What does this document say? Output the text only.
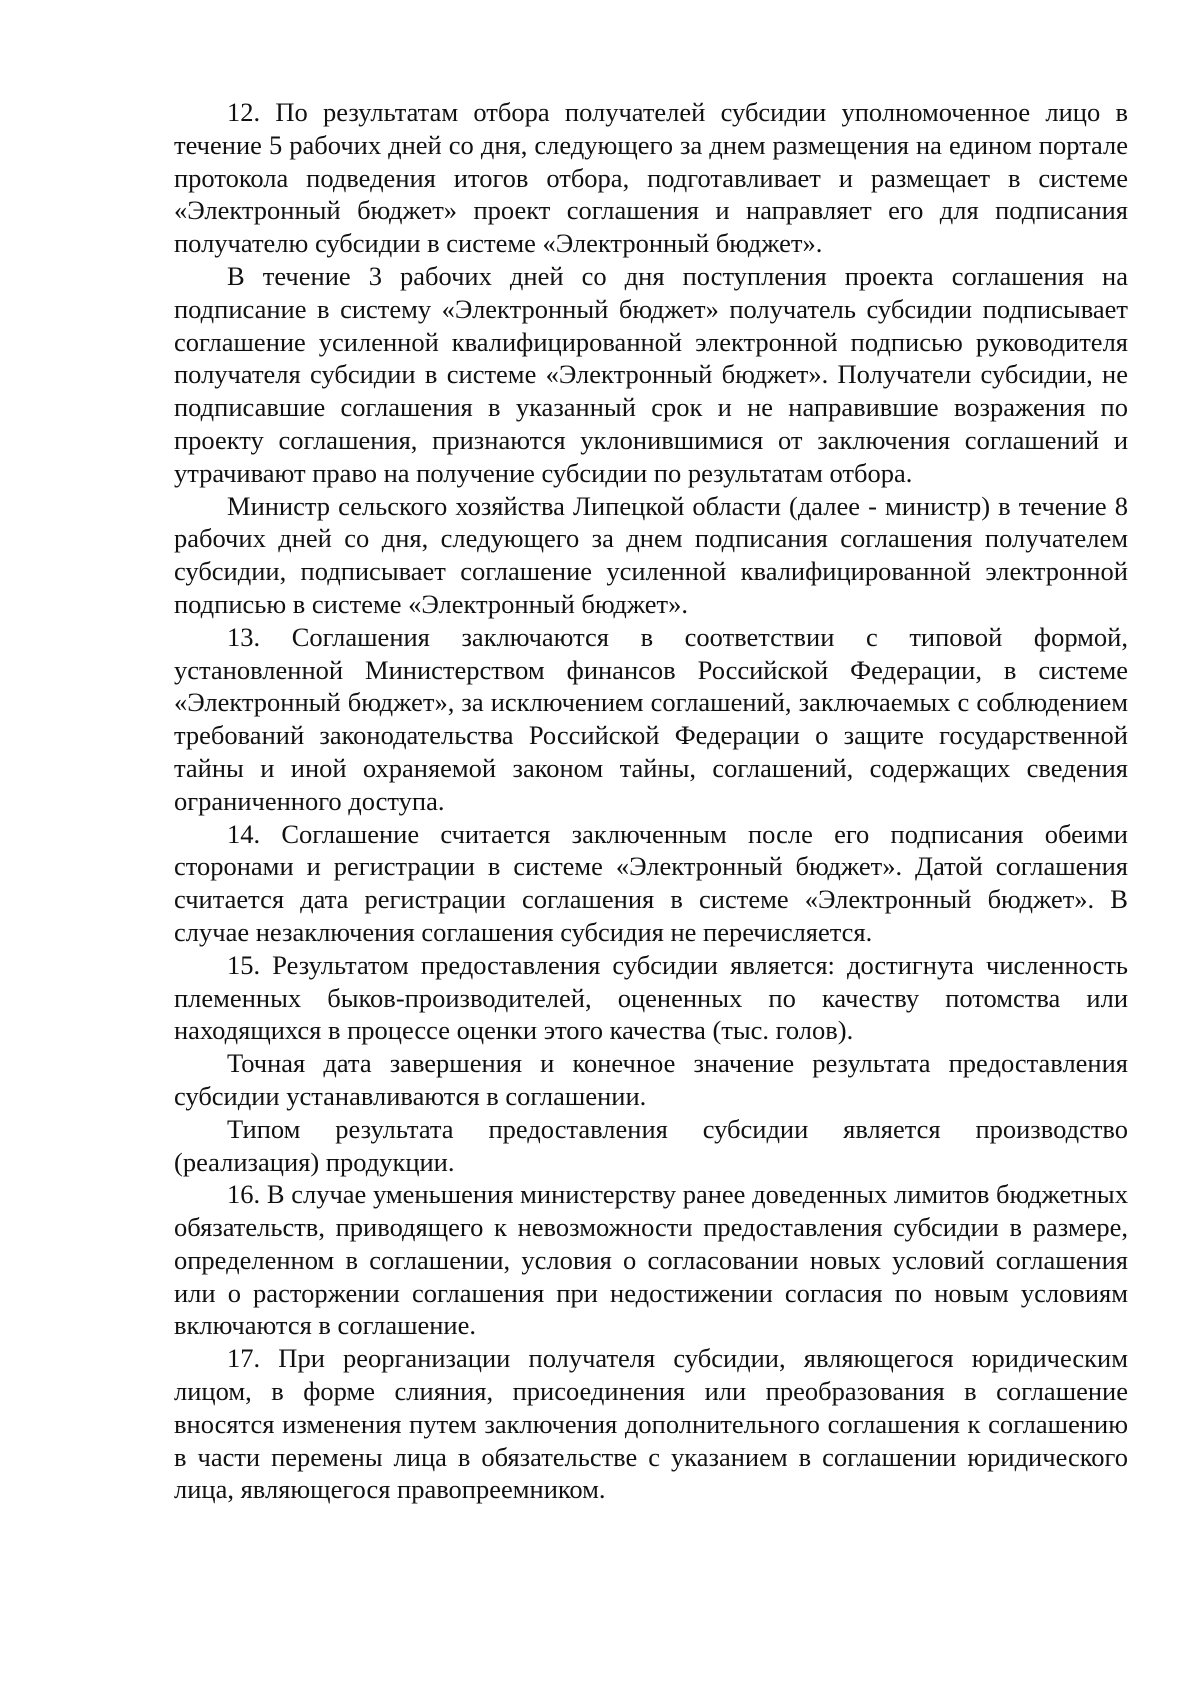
12. По результатам отбора получателей субсидии уполномоченное лицо в течение 5 рабочих дней со дня, следующего за днем размещения на едином портале протокола подведения итогов отбора, подготавливает и размещает в системе «Электронный бюджет» проект соглашения и направляет его для подписания получателю субсидии в системе «Электронный бюджет».

В течение 3 рабочих дней со дня поступления проекта соглашения на подписание в систему «Электронный бюджет» получатель субсидии подписывает соглашение усиленной квалифицированной электронной подписью руководителя получателя субсидии в системе «Электронный бюджет». Получатели субсидии, не подписавшие соглашения в указанный срок и не направившие возражения по проекту соглашения, признаются уклонившимися от заключения соглашений и утрачивают право на получение субсидии по результатам отбора.

Министр сельского хозяйства Липецкой области (далее - министр) в течение 8 рабочих дней со дня, следующего за днем подписания соглашения получателем субсидии, подписывает соглашение усиленной квалифицированной электронной подписью в системе «Электронный бюджет».

13. Соглашения заключаются в соответствии с типовой формой, установленной Министерством финансов Российской Федерации, в системе «Электронный бюджет», за исключением соглашений, заключаемых с соблюдением требований законодательства Российской Федерации о защите государственной тайны и иной охраняемой законом тайны, соглашений, содержащих сведения ограниченного доступа.

14. Соглашение считается заключенным после его подписания обеими сторонами и регистрации в системе «Электронный бюджет». Датой соглашения считается дата регистрации соглашения в системе «Электронный бюджет». В случае незаключения соглашения субсидия не перечисляется.

15. Результатом предоставления субсидии является: достигнута численность племенных быков-производителей, оцененных по качеству потомства или находящихся в процессе оценки этого качества (тыс. голов).

Точная дата завершения и конечное значение результата предоставления субсидии устанавливаются в соглашении.

Типом результата предоставления субсидии является производство (реализация) продукции.

16. В случае уменьшения министерству ранее доведенных лимитов бюджетных обязательств, приводящего к невозможности предоставления субсидии в размере, определенном в соглашении, условия о согласовании новых условий соглашения или о расторжении соглашения при недостижении согласия по новым условиям включаются в соглашение.

17. При реорганизации получателя субсидии, являющегося юридическим лицом, в форме слияния, присоединения или преобразования в соглашение вносятся изменения путем заключения дополнительного соглашения к соглашению в части перемены лица в обязательстве с указанием в соглашении юридического лица, являющегося правопреемником.
